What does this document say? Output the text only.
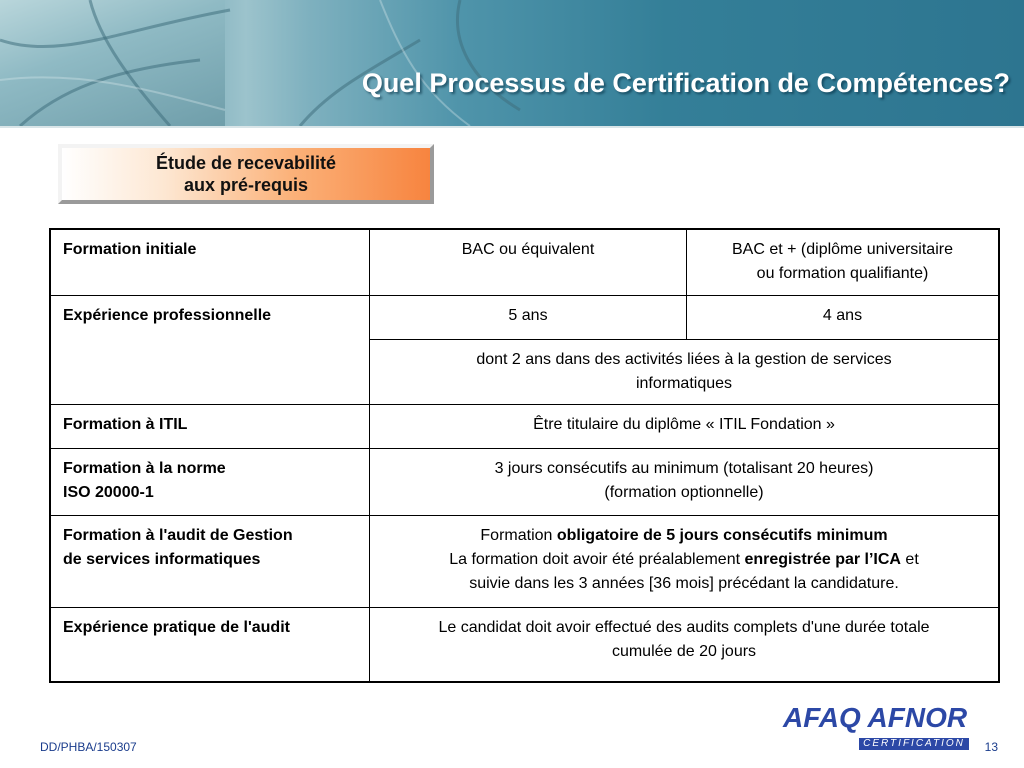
Quel Processus de Certification de Compétences?
Étude de recevabilité
aux pré-requis
Formation initiale	BAC ou équivalent	BAC et + (diplôme universitaire
ou formation qualifiante)

Expérience professionnelle	5 ans	4 ans

	dont 2 ans dans des activités liées à la gestion de services
informatiques	

Formation à ITIL	Être titulaire du diplôme « ITIL Fondation »	

Formation à la norme
ISO 20000-1	3 jours consécutifs au minimum (totalisant 20 heures)
(formation optionnelle)	

Formation à l'audit de Gestion
de services informatiques	Formation obligatoire de 5 jours consécutifs minimum
La formation doit avoir été préalablement enregistrée par l’ICA et
suivie dans les 3 années [36 mois] précédant la candidature.	

Expérience pratique de l'audit	Le candidat doit avoir effectué des audits complets d'une durée totale
cumulée de 20 jours	
DD/PHBA/150307
AFAQ AFNOR
CERTIFICATION	13
